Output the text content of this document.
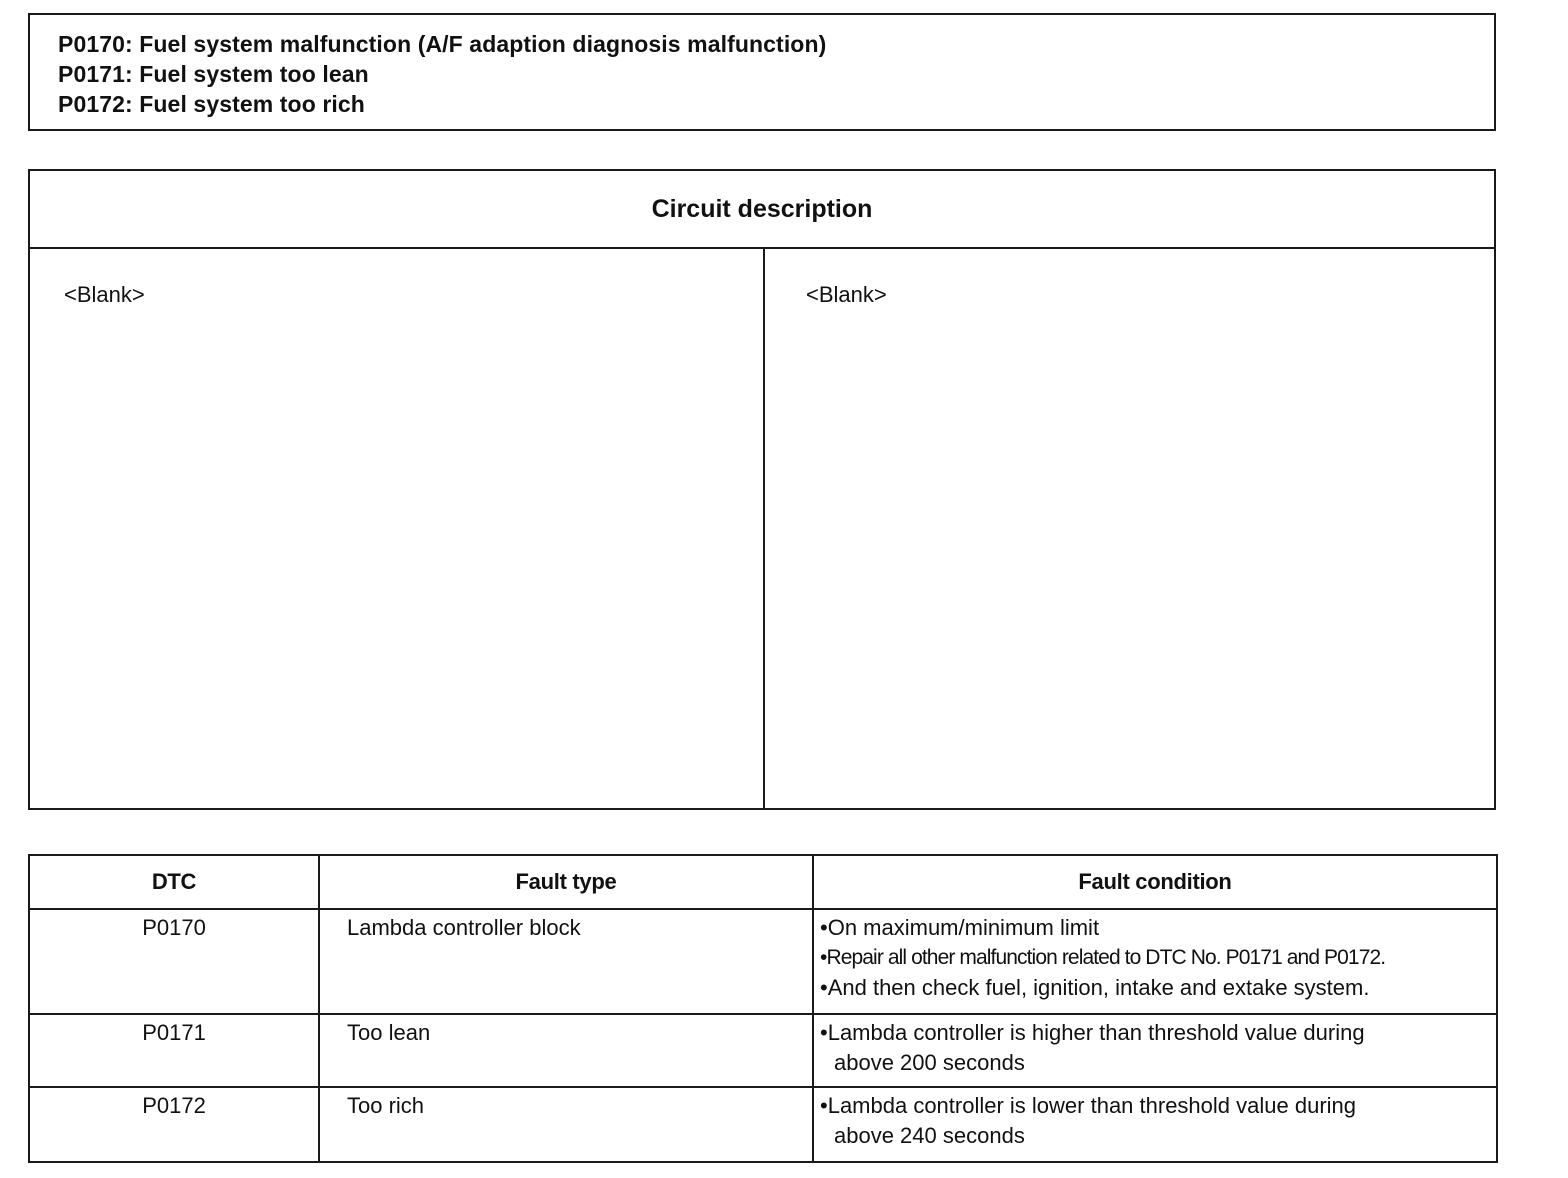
P0170: Fuel system malfunction (A/F adaption diagnosis malfunction)
P0171: Fuel system too lean
P0172: Fuel system too rich
Circuit description
<Blank>	<Blank>
DTC	Fault type	Fault condition
P0170	Lambda controller block	•On maximum/minimum limit
•Repair all other malfunction related to DTC No. P0171 and P0172.
•And then check fuel, ignition, intake and extake system.

P0171	Too lean	•Lambda controller is higher than threshold value during
above 200 seconds

P0172	Too rich	•Lambda controller is lower than threshold value during
above 240 seconds
